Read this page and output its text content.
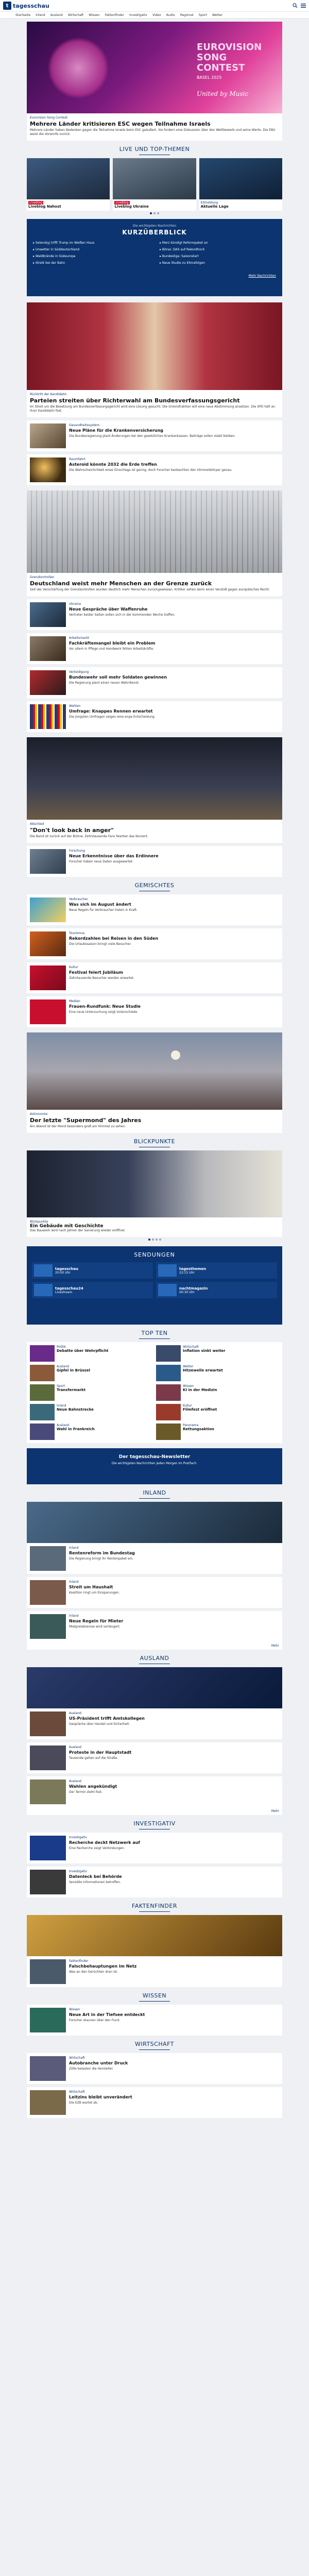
t tagesschau
Startseite Inland Ausland Wirtschaft Wissen Faktenfinder Investigativ Video Audio Regional Sport Wetter
EUROVISION SONG CONTEST
BASEL 2025
United by Music
Eurovision Song Contest
Mehrere Länder kritisieren ESC wegen Teilnahme Israels
Mehrere Länder haben Bedenken gegen die Teilnahme Israels beim ESC geäußert. Sie fordern eine Diskussion über den Wettbewerb und seine Werte. Die EBU weist die Vorwürfe zurück.
LIVE UND TOP-THEMEN
Liveblog
Liveblog Nahost
Liveblog
Liveblog Ukraine
Eilmeldung
Aktuelle Lage
Die wichtigsten Nachrichten
KURZÜBERBLICK
▸ Selenskyj trifft Trump im Weißen Haus	▸ Merz kündigt Reformpaket an
▸ Unwetter in Süddeutschland	▸ Börse: DAX auf Rekordhoch
▸ Waldbrände in Südeuropa	▸ Bundesliga: Saisonstart
▸ Streik bei der Bahn	▸ Neue Studie zu Klimafolgen
Mehr Nachrichten
Rücktritt der Kandidatin
Parteien streiten über Richterwahl am Bundesverfassungsgericht
Im Streit um die Besetzung am Bundesverfassungsgericht wird eine Lösung gesucht. Die Unionsfraktion will eine neue Abstimmung ansetzen. Die SPD hält an ihrer Kandidatin fest.
Gesundheitssystem
Neue Pläne für die Krankenversicherung
Die Bundesregierung plant Änderungen bei den gesetzlichen Krankenkassen. Beiträge sollen stabil bleiben.
Raumfahrt
Asteroid könnte 2032 die Erde treffen
Die Wahrscheinlichkeit eines Einschlags ist gering, doch Forscher beobachten den Himmelskörper genau.
Grenzkontrollen
Deutschland weist mehr Menschen an der Grenze zurück
Seit der Verschärfung der Grenzkontrollen wurden deutlich mehr Menschen zurückgewiesen. Kritiker sehen darin einen Verstoß gegen europäisches Recht.
Ukraine
Neue Gespräche über Waffenruhe
Vertreter beider Seiten sollen sich in der kommenden Woche treffen.
Arbeitsmarkt
Fachkräftemangel bleibt ein Problem
Vor allem in Pflege und Handwerk fehlen Arbeitskräfte.
Verteidigung
Bundeswehr soll mehr Soldaten gewinnen
Die Regierung plant einen neuen Wehrdienst.
Wahlen
Umfrage: Knappes Rennen erwartet
Die jüngsten Umfragen zeigen eine enge Entscheidung.
Abschied
"Don't look back in anger"
Die Band ist zurück auf der Bühne. Zehntausende Fans feierten das Konzert.
Forschung
Neue Erkenntnisse über das Erdinnere
Forscher haben neue Daten ausgewertet.
GEMISCHTES
Verbraucher
Was sich im August ändert
Neue Regeln für Verbraucher treten in Kraft.
Tourismus
Rekordzahlen bei Reisen in den Süden
Die Urlaubssaison bringt viele Besucher.
Kultur
Festival feiert Jubiläum
Zehntausende Besucher werden erwartet.
Medien
Frauen-Rundfunk: Neue Studie
Eine neue Untersuchung zeigt Unterschiede.
Astronomie
Der letzte "Supermond" des Jahres
Am Abend ist der Mond besonders groß am Himmel zu sehen.
BLICKPUNKTE
Blickpunkte
Ein Gebäude mit Geschichte
Das Bauwerk wird nach Jahren der Sanierung wieder eröffnet.
SENDUNGEN
tagesschau
20:00 Uhr
tagesthemen
22:15 Uhr
tagesschau24
Livestream
nachtmagazin
00:30 Uhr
TOP TEN
Politik
Debatte über Wehrpflicht
Wirtschaft
Inflation sinkt weiter
Ausland
Gipfel in Brüssel
Wetter
Hitzewelle erwartet
Sport
Transfermarkt
Wissen
KI in der Medizin
Inland
Neue Bahnstrecke
Kultur
Filmfest eröffnet
Ausland
Wahl in Frankreich
Panorama
Rettungsaktion
Der tagesschau-Newsletter
Die wichtigsten Nachrichten jeden Morgen im Postfach.
INLAND
Inland
Rentenreform im Bundestag
Die Regierung bringt ihr Rentenpaket ein.
Inland
Streit um Haushalt
Koalition ringt um Einsparungen.
Inland
Neue Regeln für Mieter
Mietpreisbremse wird verlängert.
Mehr
AUSLAND
Ausland
US-Präsident trifft Amtskollegen
Gespräche über Handel und Sicherheit.
Ausland
Proteste in der Hauptstadt
Tausende gehen auf die Straße.
Ausland
Wahlen angekündigt
Der Termin steht fest.
Mehr
INVESTIGATIV
Investigativ
Recherche deckt Netzwerk auf
Eine Recherche zeigt Verbindungen.
Investigativ
Datenleck bei Behörde
Sensible Informationen betroffen.
FAKTENFINDER
Faktenfinder
Falschbehauptungen im Netz
Was an den Gerüchten dran ist.
WISSEN
Wissen
Neue Art in der Tiefsee entdeckt
Forscher staunen über den Fund.
WIRTSCHAFT
Wirtschaft
Autobranche unter Druck
Zölle belasten die Hersteller.
Wirtschaft
Leitzins bleibt unverändert
Die EZB wartet ab.
